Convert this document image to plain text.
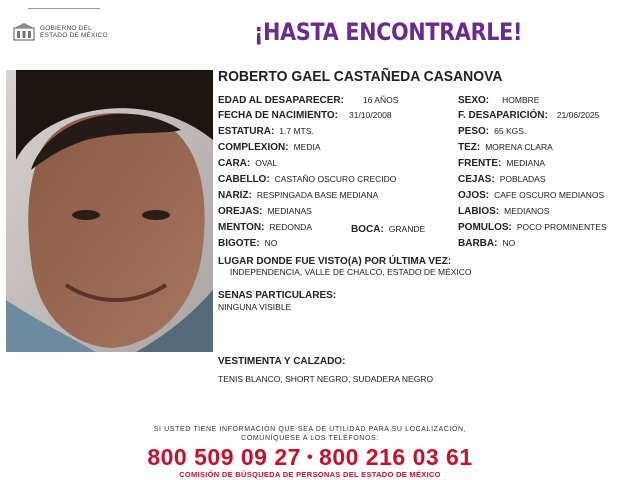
GOBIERNO DEL
ESTADO DE MÉXICO	¡HASTA ENCONTRARLE!
ROBERTO GAEL CASTAÑEDA CASANOVA
EDAD AL DESAPARECER: 16 AÑOS	SEXO: HOMBRE
FECHA DE NACIMIENTO: 31/10/2008	F. DESAPARICIÓN: 21/06/2025
ESTATURA: 1.7 MTS.	PESO: 65 KGS.
COMPLEXION: MEDIA	TEZ: MORENA CLARA
CARA: OVAL	FRENTE: MEDIANA
CABELLO: CASTAÑO OSCURO CRECIDO	CEJAS: POBLADAS
NARIZ: RESPINGADA BASE MEDIANA	OJOS: CAFE OSCURO MEDIANOS
OREJAS: MEDIANAS	LABIOS: MEDIANOS
MENTON: REDONDA	BOCA: GRANDE	POMULOS: POCO PROMINENTES
BIGOTE: NO	BARBA: NO
LUGAR DONDE FUE VISTO(A) POR ÚLTIMA VEZ:
INDEPENDENCIA, VALLE DE CHALCO, ESTADO DE MÉXICO
SENAS PARTICULARES:
NINGUNA VISIBLE
VESTIMENTA Y CALZADO:
TENIS BLANCO, SHORT NEGRO, SUDADERA NEGRO
SI USTED TIENE INFORMACIÓN QUE SEA DE UTILIDAD PARA SU LOCALIZACIÓN,
COMUNÍQUESE A LOS TELÉFONOS:
800 509 09 27 • 800 216 03 61
COMISIÓN DE BÚSQUEDA DE PERSONAS DEL ESTADO DE MÉXICO
